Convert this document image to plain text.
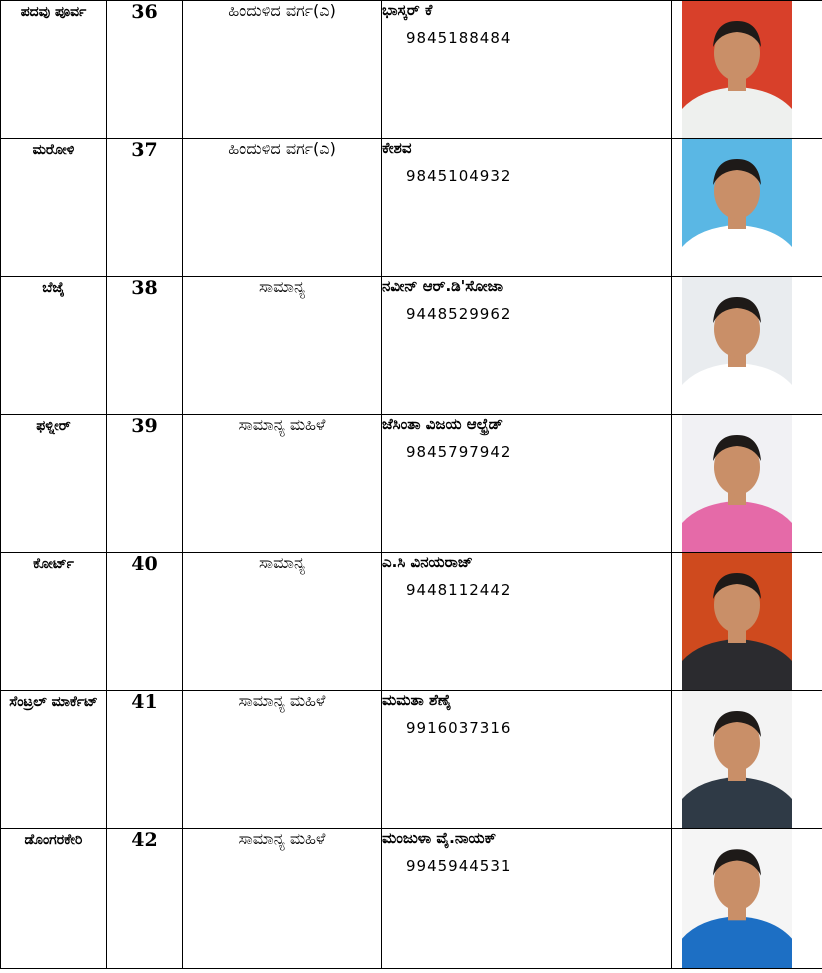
ಪದವು ಪೂರ್ವ	36	ಹಿಂದುಳಿದ ವರ್ಗ(ಎ)	ಭಾಸ್ಕರ್ ಕೆ
9845188484

ಮರೋಳಿ	37	ಹಿಂದುಳಿದ ವರ್ಗ(ಎ)	ಕೇಶವ
9845104932

ಬೆಜೈ	38	ಸಾಮಾನ್ಯ	ನವೀನ್ ಆರ್.ಡಿ'ಸೋಜಾ
9448529962

ಫಳ್ನೀರ್	39	ಸಾಮಾನ್ಯ ಮಹಿಳೆ	ಜೆಸಿಂತಾ ವಿಜಯ ಆಲ್ಫ್ರೆಡ್
9845797942

ಕೋರ್ಟ್	40	ಸಾಮಾನ್ಯ	ಎ.ಸಿ ವಿನಯರಾಜ್
9448112442

ಸೆಂಟ್ರಲ್ ಮಾರ್ಕೆಟ್	41	ಸಾಮಾನ್ಯ ಮಹಿಳೆ	ಮಮತಾ ಶೆಣೈ
9916037316

ಡೊಂಗರಕೇರಿ	42	ಸಾಮಾನ್ಯ ಮಹಿಳೆ	ಮಂಜುಳಾ ವೈ.ನಾಯಕ್
9945944531
